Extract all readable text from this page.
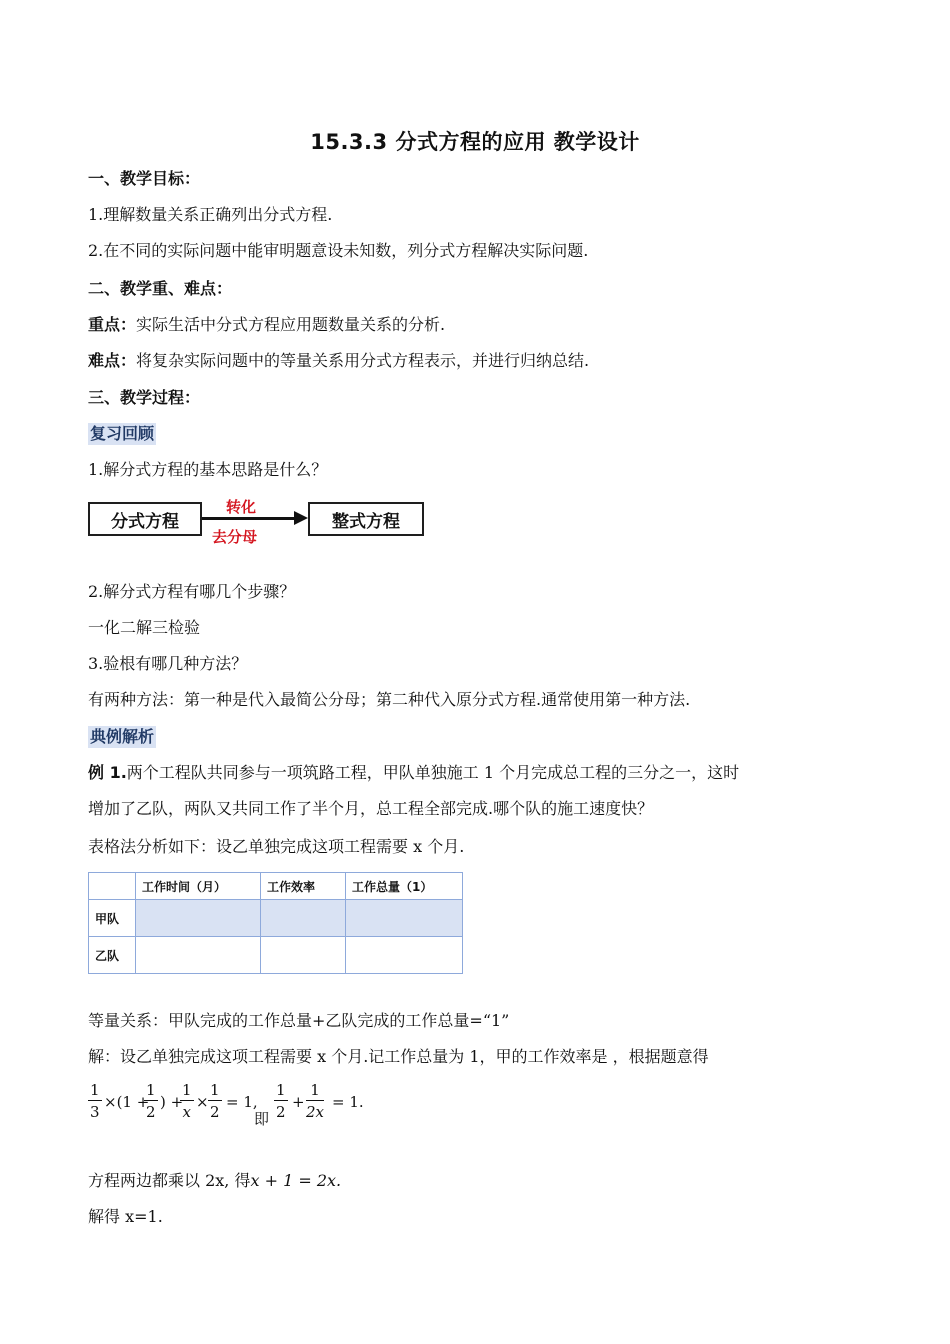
15.3.3 分式方程的应用 教学设计
一、教学目标：
1.理解数量关系正确列出分式方程.
2.在不同的实际问题中能审明题意设未知数，列分式方程解决实际问题.
二、教学重、难点：
重点：实际生活中分式方程应用题数量关系的分析.
难点：将复杂实际问题中的等量关系用分式方程表示，并进行归纳总结.
三、教学过程：
复习回顾
1.解分式方程的基本思路是什么？
分式方程
转化
去分母
整式方程
2.解分式方程有哪几个步骤？
一化二解三检验
3.验根有哪几种方法？
有两种方法：第一种是代入最简公分母；第二种代入原分式方程.通常使用第一种方法.
典例解析
例 1.两个工程队共同参与一项筑路工程，甲队单独施工 1 个月完成总工程的三分之一，这时
增加了乙队，两队又共同工作了半个月，总工程全部完成.哪个队的施工速度快？
表格法分析如下：设乙单独完成这项工程需要 x 个月.
	工作时间（月）	工作效率	工作总量（1）
甲队			
乙队			
等量关系：甲队完成的工作总量+乙队完成的工作总量=“1”
解：设乙单独完成这项工程需要 x 个月.记工作总量为 1，甲的工作效率是 ，根据题意得
$\frac{1}{3} \times(1$ +
$\frac{1}{2}$ ) +
$\frac{1}{x} \times \frac{1}{2} = 1$,
即 $\frac{1}{2} + \frac{1}{2x} = 1$.
方程两边都乘以 2x, 得x + 1 = 2x.
解得 x=1.
